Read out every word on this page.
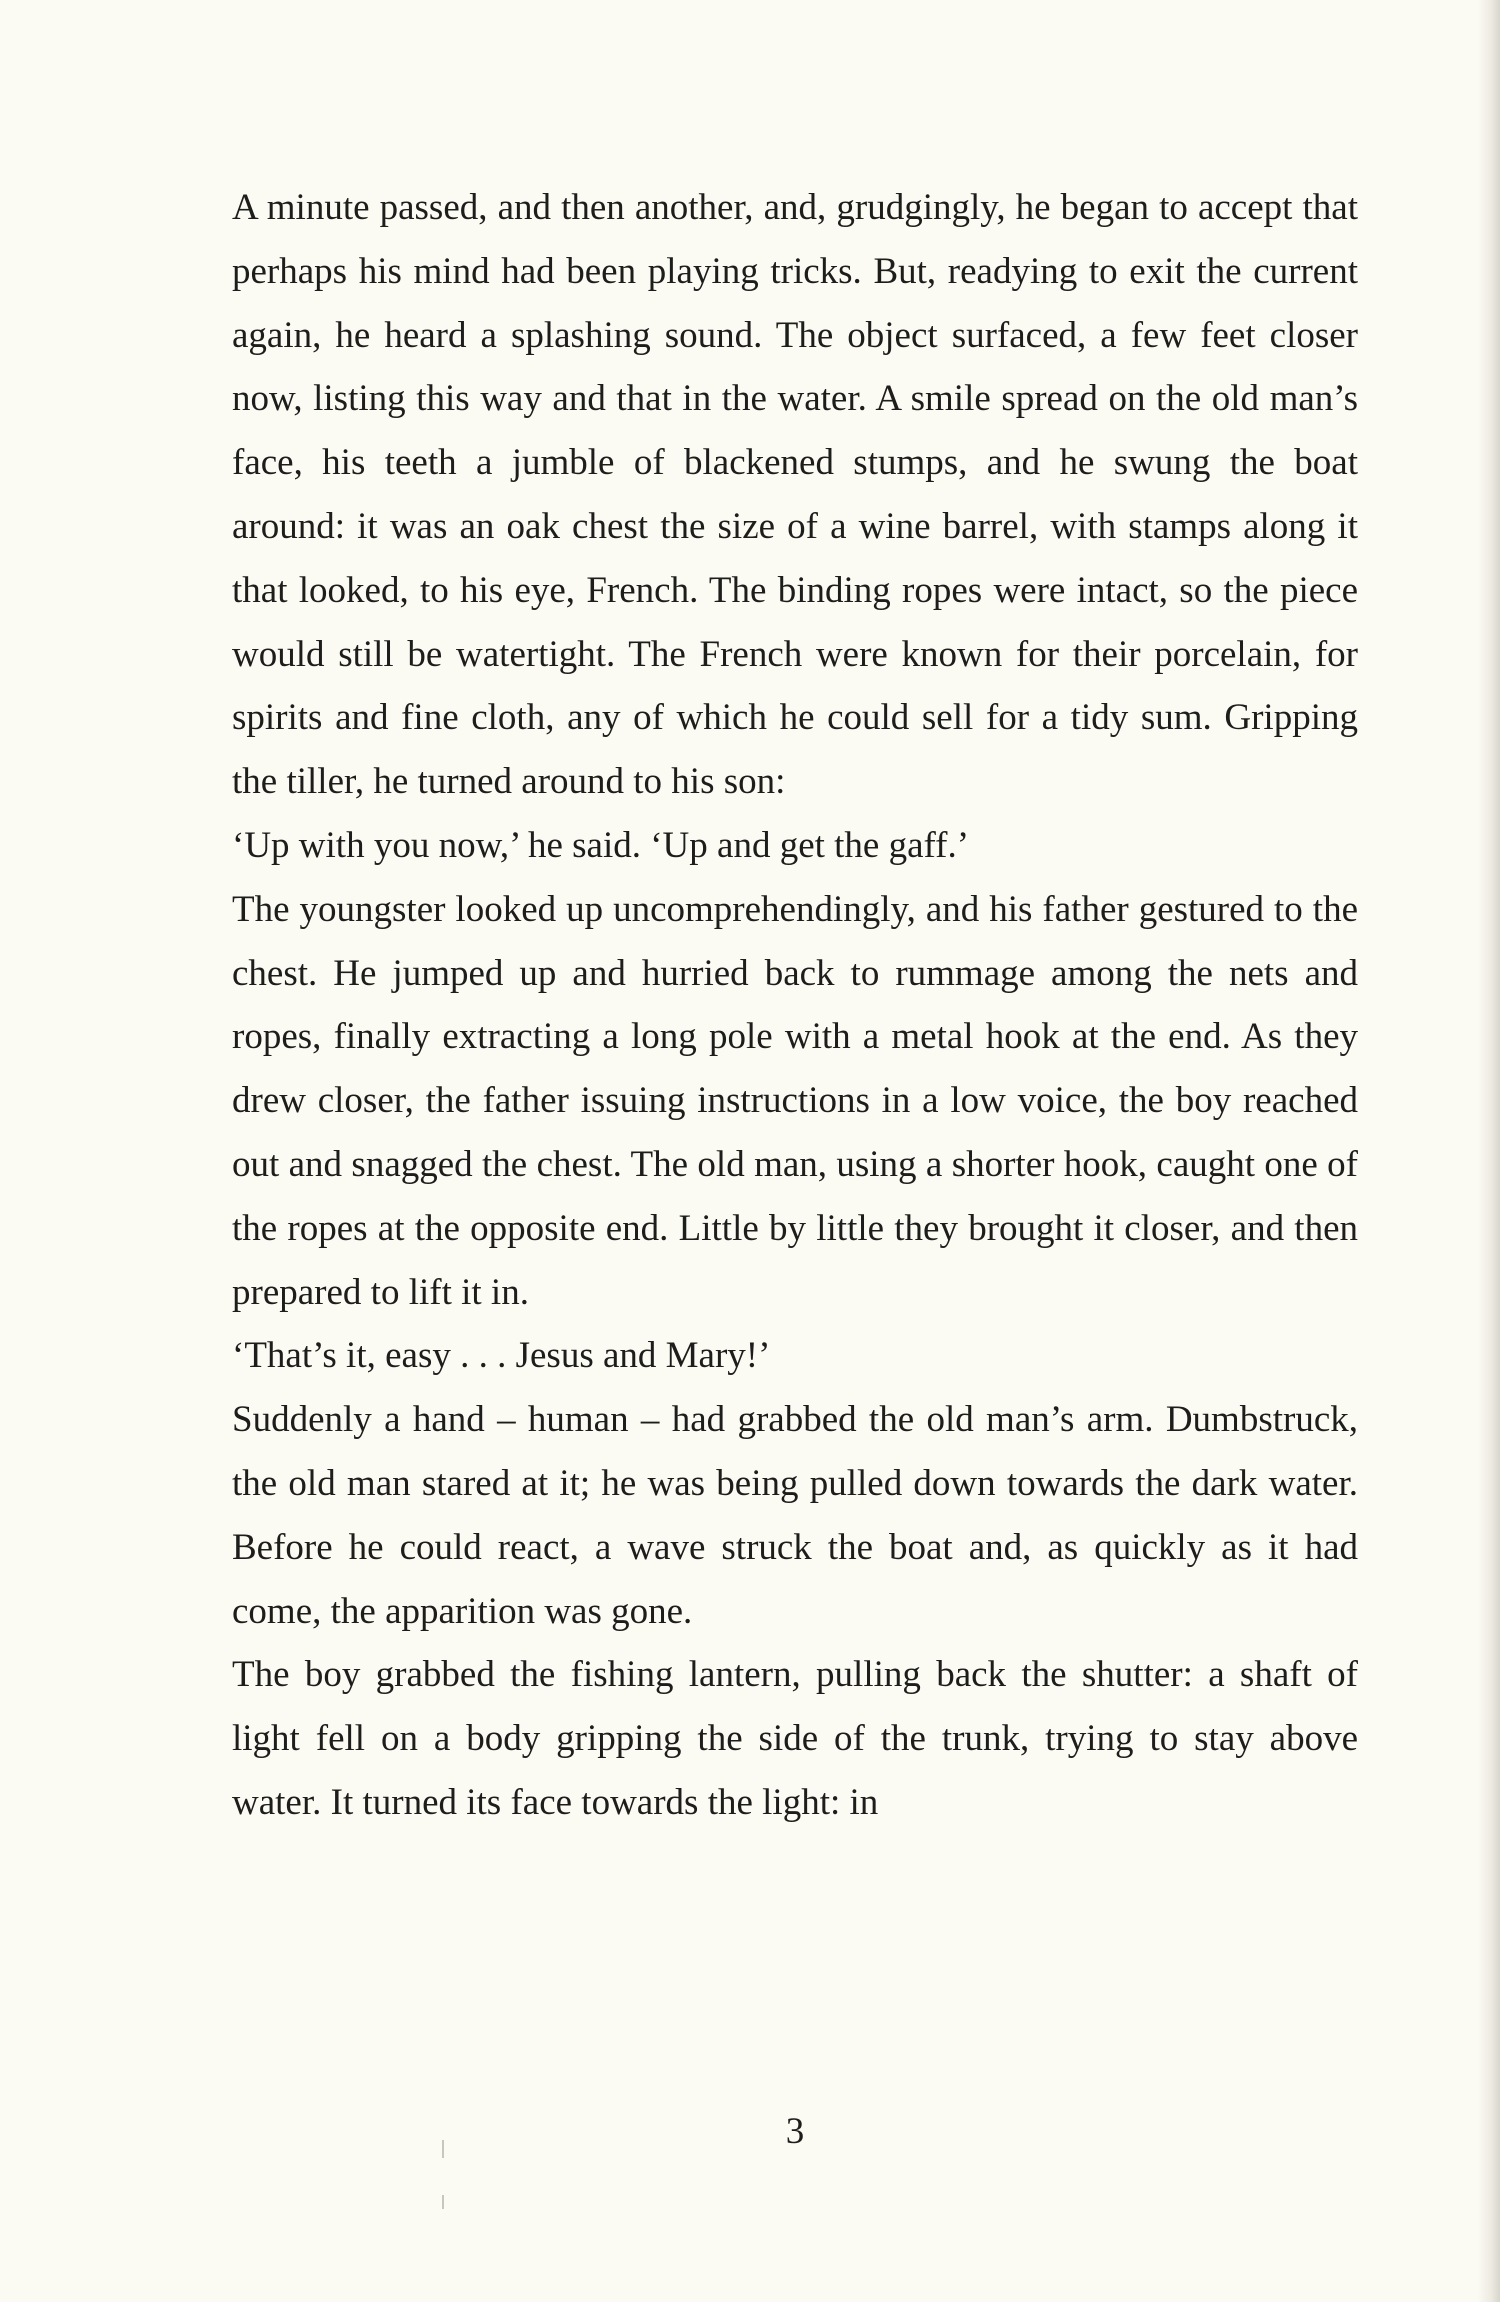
A minute passed, and then another, and, grudgingly, he began to accept that perhaps his mind had been playing tricks. But, readying to exit the current again, he heard a splashing sound. The object surfaced, a few feet closer now, listing this way and that in the water. A smile spread on the old man’s face, his teeth a jumble of blackened stumps, and he swung the boat around: it was an oak chest the size of a wine barrel, with stamps along it that looked, to his eye, French. The binding ropes were intact, so the piece would still be watertight. The French were known for their porcelain, for spirits and fine cloth, any of which he could sell for a tidy sum. Gripping the tiller, he turned around to his son:

‘Up with you now,’ he said. ‘Up and get the gaff.’

The youngster looked up uncomprehendingly, and his father gestured to the chest. He jumped up and hurried back to rummage among the nets and ropes, finally extracting a long pole with a metal hook at the end. As they drew closer, the father issuing instructions in a low voice, the boy reached out and snagged the chest. The old man, using a shorter hook, caught one of the ropes at the opposite end. Little by little they brought it closer, and then prepared to lift it in.

‘That’s it, easy . . . Jesus and Mary!’

Suddenly a hand – human – had grabbed the old man’s arm. Dumbstruck, the old man stared at it; he was being pulled down towards the dark water. Before he could react, a wave struck the boat and, as quickly as it had come, the apparition was gone.

The boy grabbed the fishing lantern, pulling back the shutter: a shaft of light fell on a body gripping the side of the trunk, trying to stay above water. It turned its face towards the light: in

3
